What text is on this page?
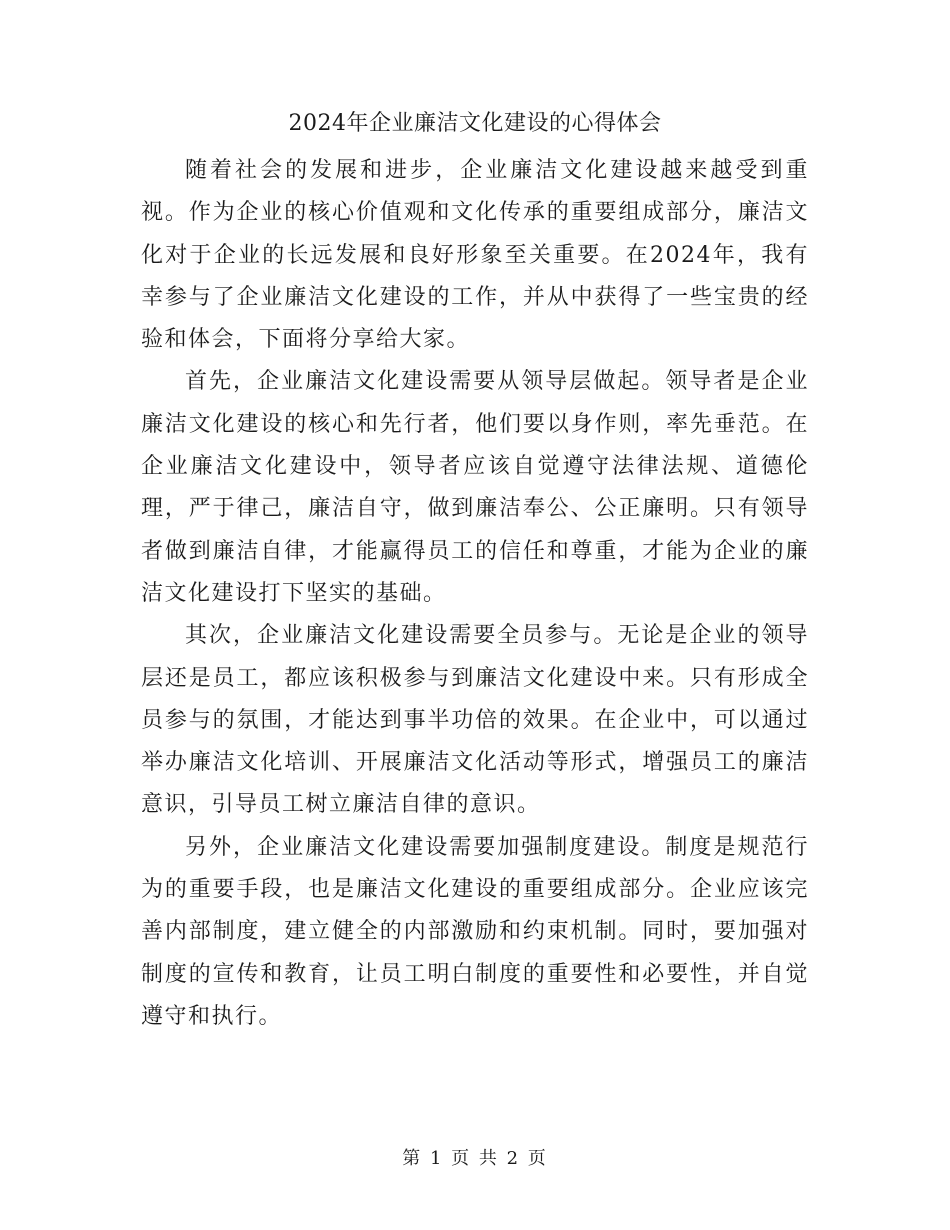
2024年企业廉洁文化建设的心得体会

随着社会的发展和进步，企业廉洁文化建设越来越受到重视。作为企业的核心价值观和文化传承的重要组成部分，廉洁文化对于企业的长远发展和良好形象至关重要。在2024年，我有幸参与了企业廉洁文化建设的工作，并从中获得了一些宝贵的经验和体会，下面将分享给大家。

首先，企业廉洁文化建设需要从领导层做起。领导者是企业廉洁文化建设的核心和先行者，他们要以身作则，率先垂范。在企业廉洁文化建设中，领导者应该自觉遵守法律法规、道德伦理，严于律己，廉洁自守，做到廉洁奉公、公正廉明。只有领导者做到廉洁自律，才能赢得员工的信任和尊重，才能为企业的廉洁文化建设打下坚实的基础。

其次，企业廉洁文化建设需要全员参与。无论是企业的领导层还是员工，都应该积极参与到廉洁文化建设中来。只有形成全员参与的氛围，才能达到事半功倍的效果。在企业中，可以通过举办廉洁文化培训、开展廉洁文化活动等形式，增强员工的廉洁意识，引导员工树立廉洁自律的意识。

另外，企业廉洁文化建设需要加强制度建设。制度是规范行为的重要手段，也是廉洁文化建设的重要组成部分。企业应该完善内部制度，建立健全的内部激励和约束机制。同时，要加强对制度的宣传和教育，让员工明白制度的重要性和必要性，并自觉遵守和执行。

第 1 页 共 2 页
